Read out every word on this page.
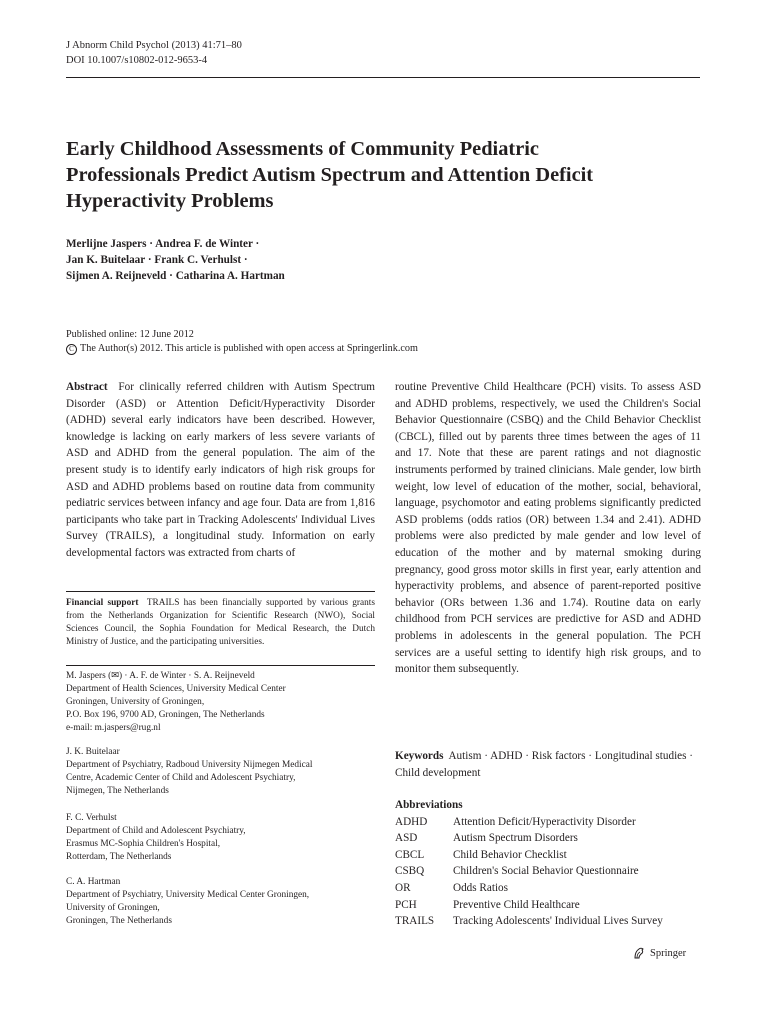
J Abnorm Child Psychol (2013) 41:71–80
DOI 10.1007/s10802-012-9653-4
Early Childhood Assessments of Community Pediatric
Professionals Predict Autism Spectrum and Attention Deficit
Hyperactivity Problems
Merlijne Jaspers · Andrea F. de Winter ·
Jan K. Buitelaar · Frank C. Verhulst ·
Sijmen A. Reijneveld · Catharina A. Hartman
Published online: 12 June 2012
C The Author(s) 2012. This article is published with open access at Springerlink.com
Abstract For clinically referred children with Autism Spectrum Disorder (ASD) or Attention Deficit/Hyperactivity Disorder (ADHD) several early indicators have been described. However, knowledge is lacking on early markers of less severe variants of ASD and ADHD from the general population. The aim of the present study is to identify early indicators of high risk groups for ASD and ADHD problems based on routine data from community pediatric services between infancy and age four. Data are from 1,816 participants who take part in Tracking Adolescents' Individual Lives Survey (TRAILS), a longitudinal study. Information on early developmental factors was extracted from charts of
Financial support TRAILS has been financially supported by various grants from the Netherlands Organization for Scientific Research (NWO), Social Sciences Council, the Sophia Foundation for Medical Research, the Dutch Ministry of Justice, and the participating universities.
M. Jaspers (✉) · A. F. de Winter · S. A. Reijneveld
Department of Health Sciences, University Medical Center
Groningen, University of Groningen,
P.O. Box 196, 9700 AD, Groningen, The Netherlands
e-mail: m.jaspers@rug.nl
J. K. Buitelaar
Department of Psychiatry, Radboud University Nijmegen Medical
Centre, Academic Center of Child and Adolescent Psychiatry,
Nijmegen, The Netherlands
F. C. Verhulst
Department of Child and Adolescent Psychiatry,
Erasmus MC-Sophia Children's Hospital,
Rotterdam, The Netherlands
C. A. Hartman
Department of Psychiatry, University Medical Center Groningen,
University of Groningen,
Groningen, The Netherlands
routine Preventive Child Healthcare (PCH) visits. To assess ASD and ADHD problems, respectively, we used the Children's Social Behavior Questionnaire (CSBQ) and the Child Behavior Checklist (CBCL), filled out by parents three times between the ages of 11 and 17. Note that these are parent ratings and not diagnostic instruments performed by trained clinicians. Male gender, low birth weight, low level of education of the mother, social, behavioral, language, psychomotor and eating problems significantly predicted ASD problems (odds ratios (OR) between 1.34 and 2.41). ADHD problems were also predicted by male gender and low level of education of the mother and by maternal smoking during pregnancy, good gross motor skills in first year, early attention and hyperactivity problems, and absence of parent-reported positive behavior (ORs between 1.36 and 1.74). Routine data on early childhood from PCH services are predictive for ASD and ADHD problems in adolescents in the general population. The PCH services are a useful setting to identify high risk groups, and to monitor them subsequently.
Keywords Autism · ADHD · Risk factors · Longitudinal studies · Child development
Abbreviations
ADHD	Attention Deficit/Hyperactivity Disorder
ASD	Autism Spectrum Disorders
CBCL	Child Behavior Checklist
CSBQ	Children's Social Behavior Questionnaire
OR	Odds Ratios
PCH	Preventive Child Healthcare
TRAILS	Tracking Adolescents' Individual Lives Survey
Springer
